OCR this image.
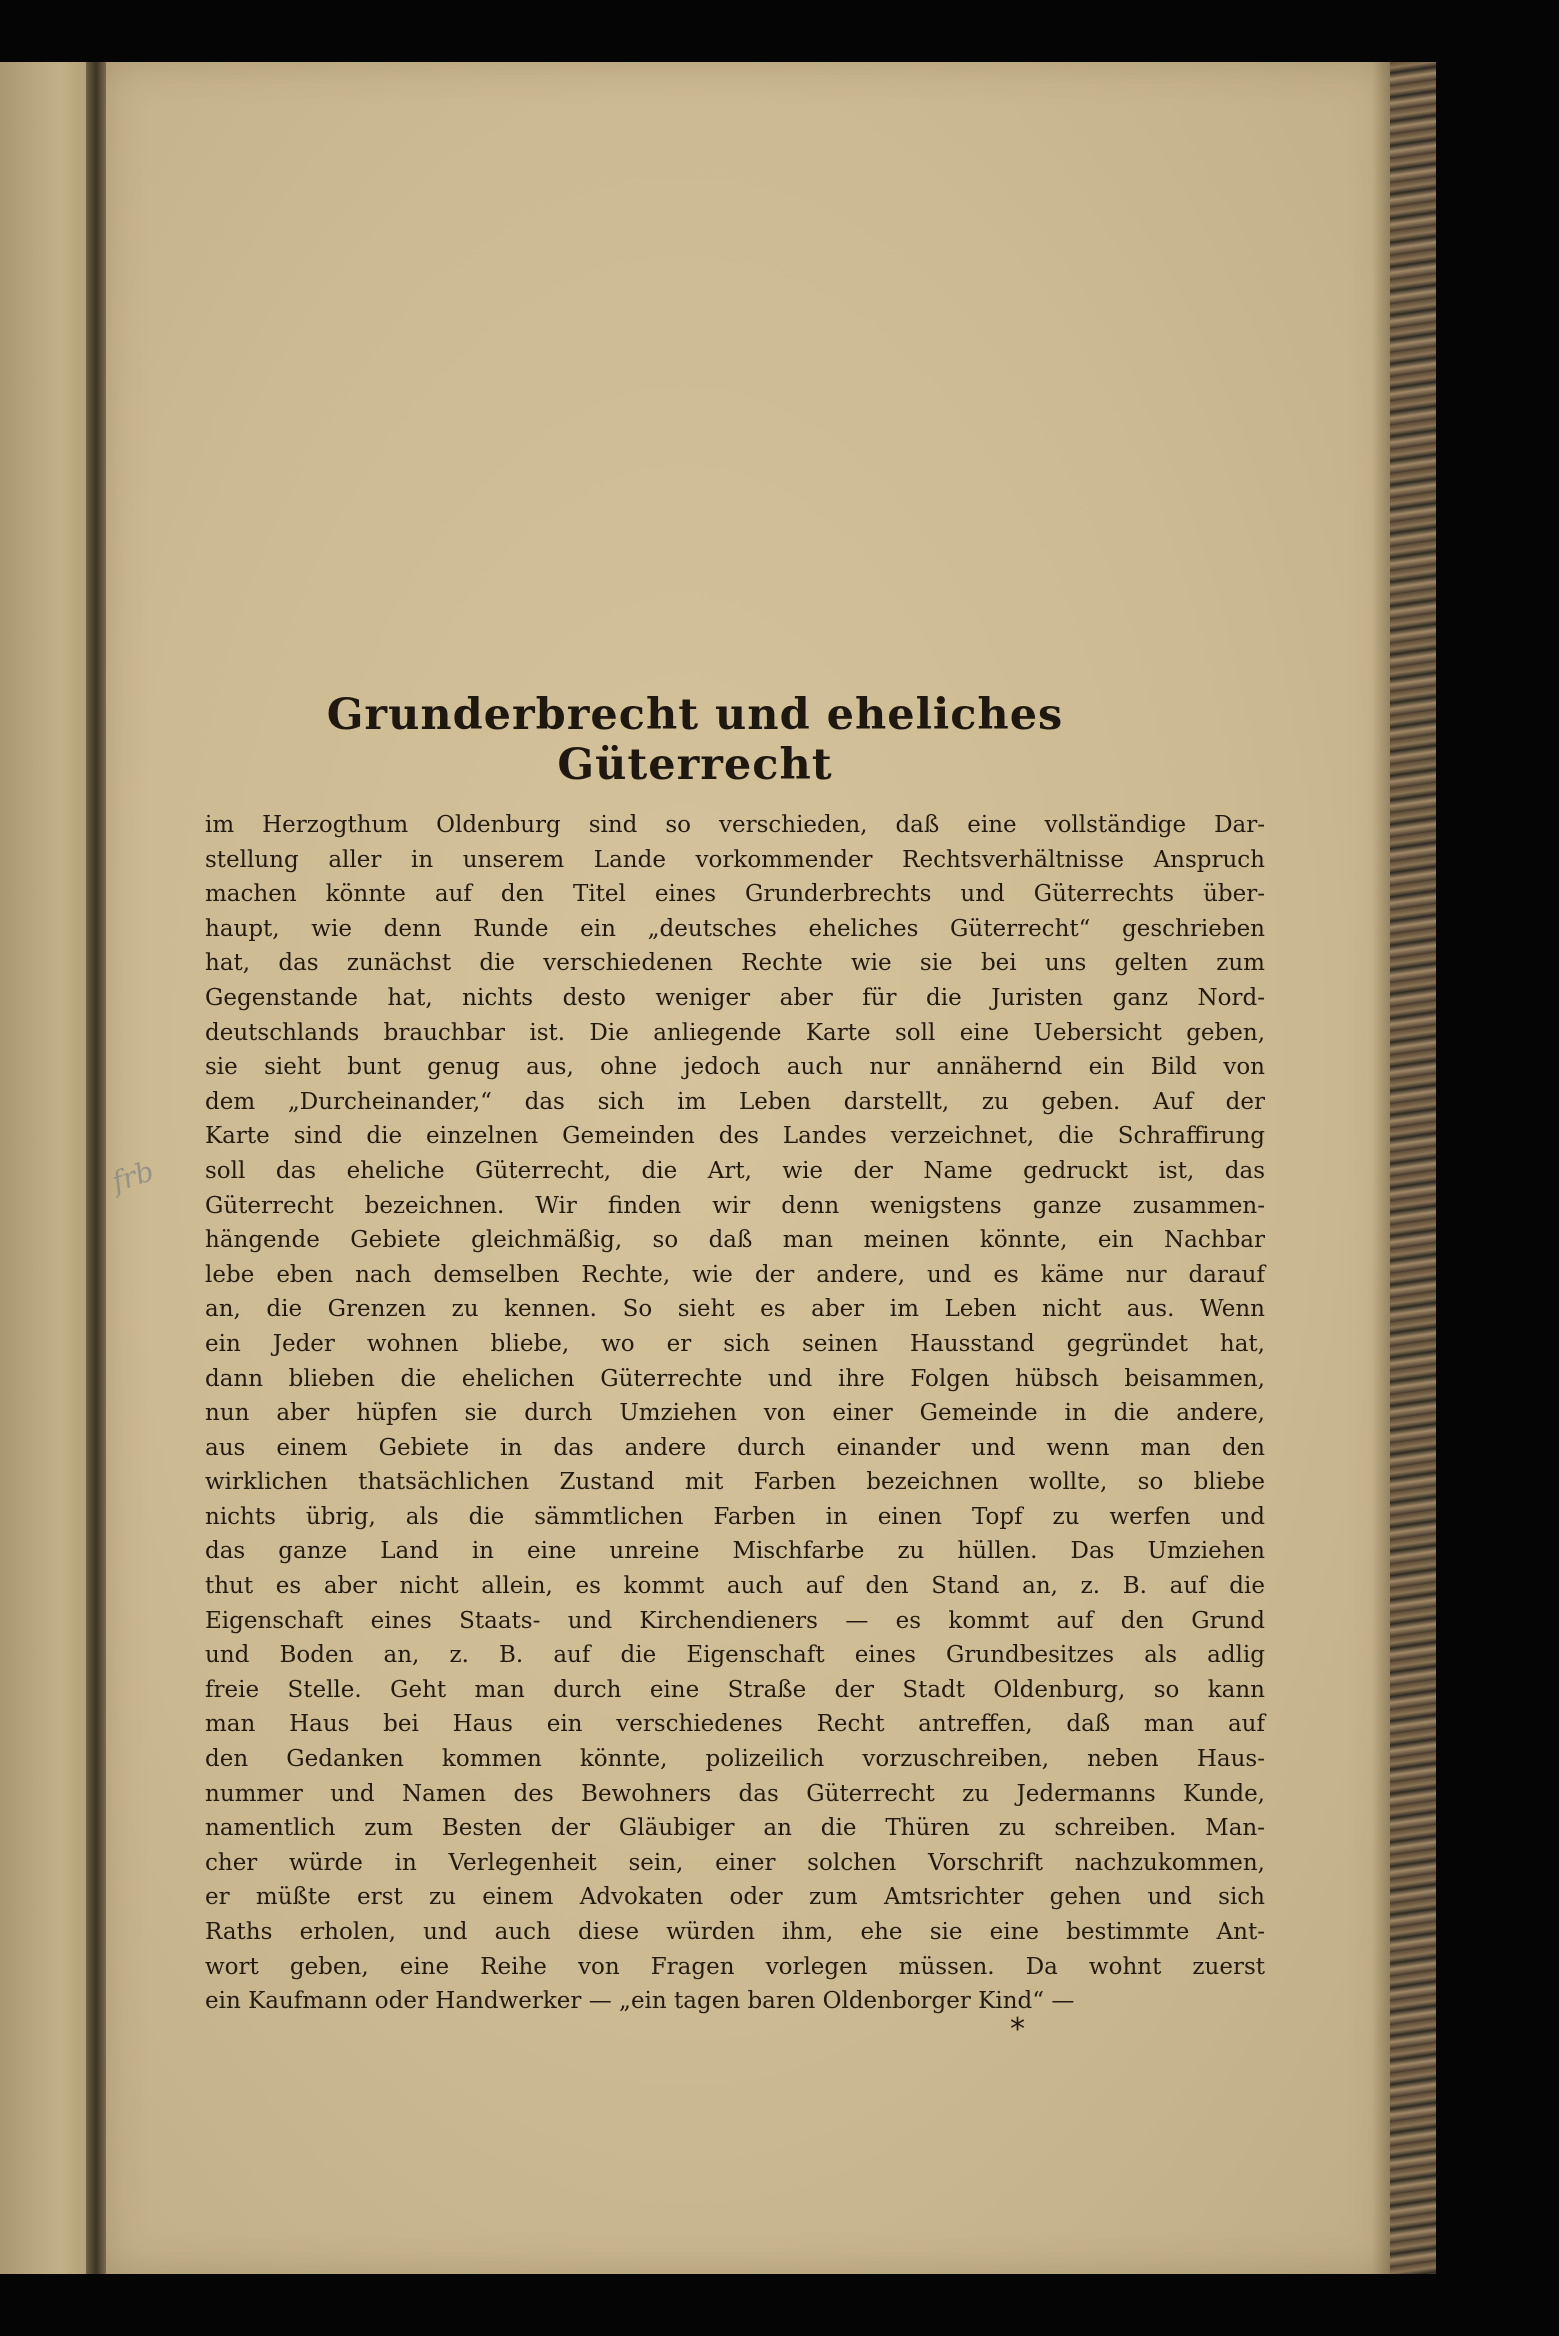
Grunderbrecht und eheliches Güterrecht
frb
im Herzogthum Oldenburg sind so verschieden, daß eine vollständige Dar-
stellung aller in unserem Lande vorkommender Rechtsverhältnisse Anspruch
machen könnte auf den Titel eines Grunderbrechts und Güterrechts über-
haupt, wie denn Runde ein „deutsches eheliches Güterrecht“ geschrieben
hat, das zunächst die verschiedenen Rechte wie sie bei uns gelten zum
Gegenstande hat, nichts desto weniger aber für die Juristen ganz Nord-
deutschlands brauchbar ist. Die anliegende Karte soll eine Uebersicht geben,
sie sieht bunt genug aus, ohne jedoch auch nur annähernd ein Bild von
dem „Durcheinander,“ das sich im Leben darstellt, zu geben. Auf der
Karte sind die einzelnen Gemeinden des Landes verzeichnet, die Schraffirung
soll das eheliche Güterrecht, die Art, wie der Name gedruckt ist, das
Güterrecht bezeichnen. Wir finden wir denn wenigstens ganze zusammen-
hängende Gebiete gleichmäßig, so daß man meinen könnte, ein Nachbar
lebe eben nach demselben Rechte, wie der andere, und es käme nur darauf
an, die Grenzen zu kennen. So sieht es aber im Leben nicht aus. Wenn
ein Jeder wohnen bliebe, wo er sich seinen Hausstand gegründet hat,
dann blieben die ehelichen Güterrechte und ihre Folgen hübsch beisammen,
nun aber hüpfen sie durch Umziehen von einer Gemeinde in die andere,
aus einem Gebiete in das andere durch einander und wenn man den
wirklichen thatsächlichen Zustand mit Farben bezeichnen wollte, so bliebe
nichts übrig, als die sämmtlichen Farben in einen Topf zu werfen und
das ganze Land in eine unreine Mischfarbe zu hüllen. Das Umziehen
thut es aber nicht allein, es kommt auch auf den Stand an, z. B. auf die
Eigenschaft eines Staats- und Kirchendieners — es kommt auf den Grund
und Boden an, z. B. auf die Eigenschaft eines Grundbesitzes als adlig
freie Stelle. Geht man durch eine Straße der Stadt Oldenburg, so kann
man Haus bei Haus ein verschiedenes Recht antreffen, daß man auf
den Gedanken kommen könnte, polizeilich vorzuschreiben, neben Haus-
nummer und Namen des Bewohners das Güterrecht zu Jedermanns Kunde,
namentlich zum Besten der Gläubiger an die Thüren zu schreiben. Man-
cher würde in Verlegenheit sein, einer solchen Vorschrift nachzukommen,
er müßte erst zu einem Advokaten oder zum Amtsrichter gehen und sich
Raths erholen, und auch diese würden ihm, ehe sie eine bestimmte Ant-
wort geben, eine Reihe von Fragen vorlegen müssen. Da wohnt zuerst
ein Kaufmann oder Handwerker — „ein tagen baren Oldenborger Kind“ —
*
